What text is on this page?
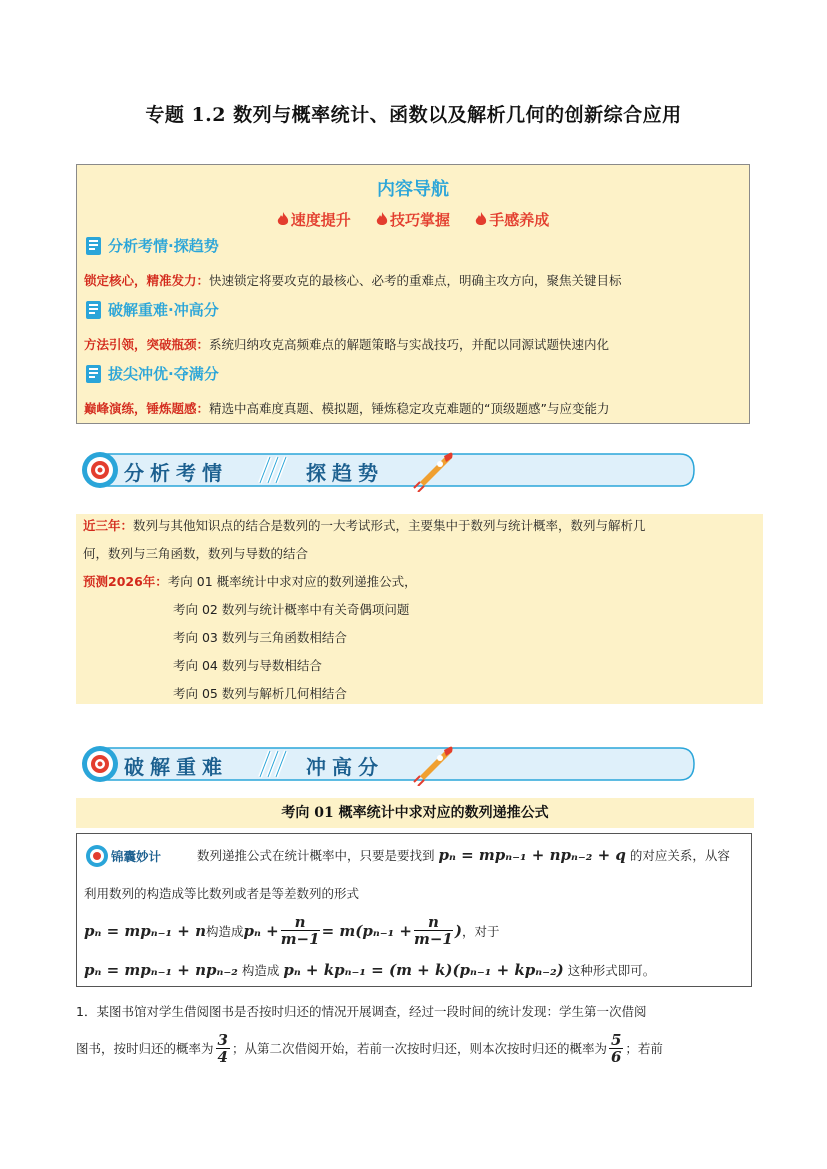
专题 1.2 数列与概率统计、函数以及解析几何的创新综合应用
内容导航
速度提升	技巧掌握	手感养成
分析考情·探趋势
锁定核心，精准发力：快速锁定将要攻克的最核心、必考的重难点，明确主攻方向，聚焦关键目标
破解重难·冲高分
方法引领，突破瓶颈：系统归纳攻克高频难点的解题策略与实战技巧，并配以同源试题快速内化
拔尖冲优·夺满分
巅峰演练，锤炼题感：精选中高难度真题、模拟题，锤炼稳定攻克难题的“顶级题感”与应变能力
分析考情	探趋势
近三年：数列与其他知识点的结合是数列的一大考试形式，主要集中于数列与统计概率，数列与解析几
何，数列与三角函数，数列与导数的结合
预测2026年：考向 01 概率统计中求对应的数列递推公式，
考向 02 数列与统计概率中有关奇偶项问题
考向 03 数列与三角函数相结合
考向 04 数列与导数相结合
考向 05 数列与解析几何相结合
破解重难	冲高分
考向 01 概率统计中求对应的数列递推公式
锦囊妙计	数列递推公式在统计概率中，只要是要找到 pₙ = mpₙ₋₁ + npₙ₋₂ + q 的对应关系，从容
利用数列的构造成等比数列或者是等差数列的形式
pₙ = mpₙ₋₁ + n 构造成 $p_n + \frac{n}{m-1} = m(p_{n-1} + \frac{n}{m-1}$ ) ，对于
pₙ = mpₙ₋₁ + npₙ₋₂ 构造成 pₙ + kpₙ₋₁ = (m + k)(pₙ₋₁ + kpₙ₋₂) 这种形式即可。
1．某图书馆对学生借阅图书是否按时归还的情况开展调查，经过一段时间的统计发现：学生第一次借阅
图书，按时归还的概率为 $\frac{3}{4}$ ；从第二次借阅开始，若前一次按时归还，则本次按时归还的概率为 $\frac{5}{6}$ ；若前
